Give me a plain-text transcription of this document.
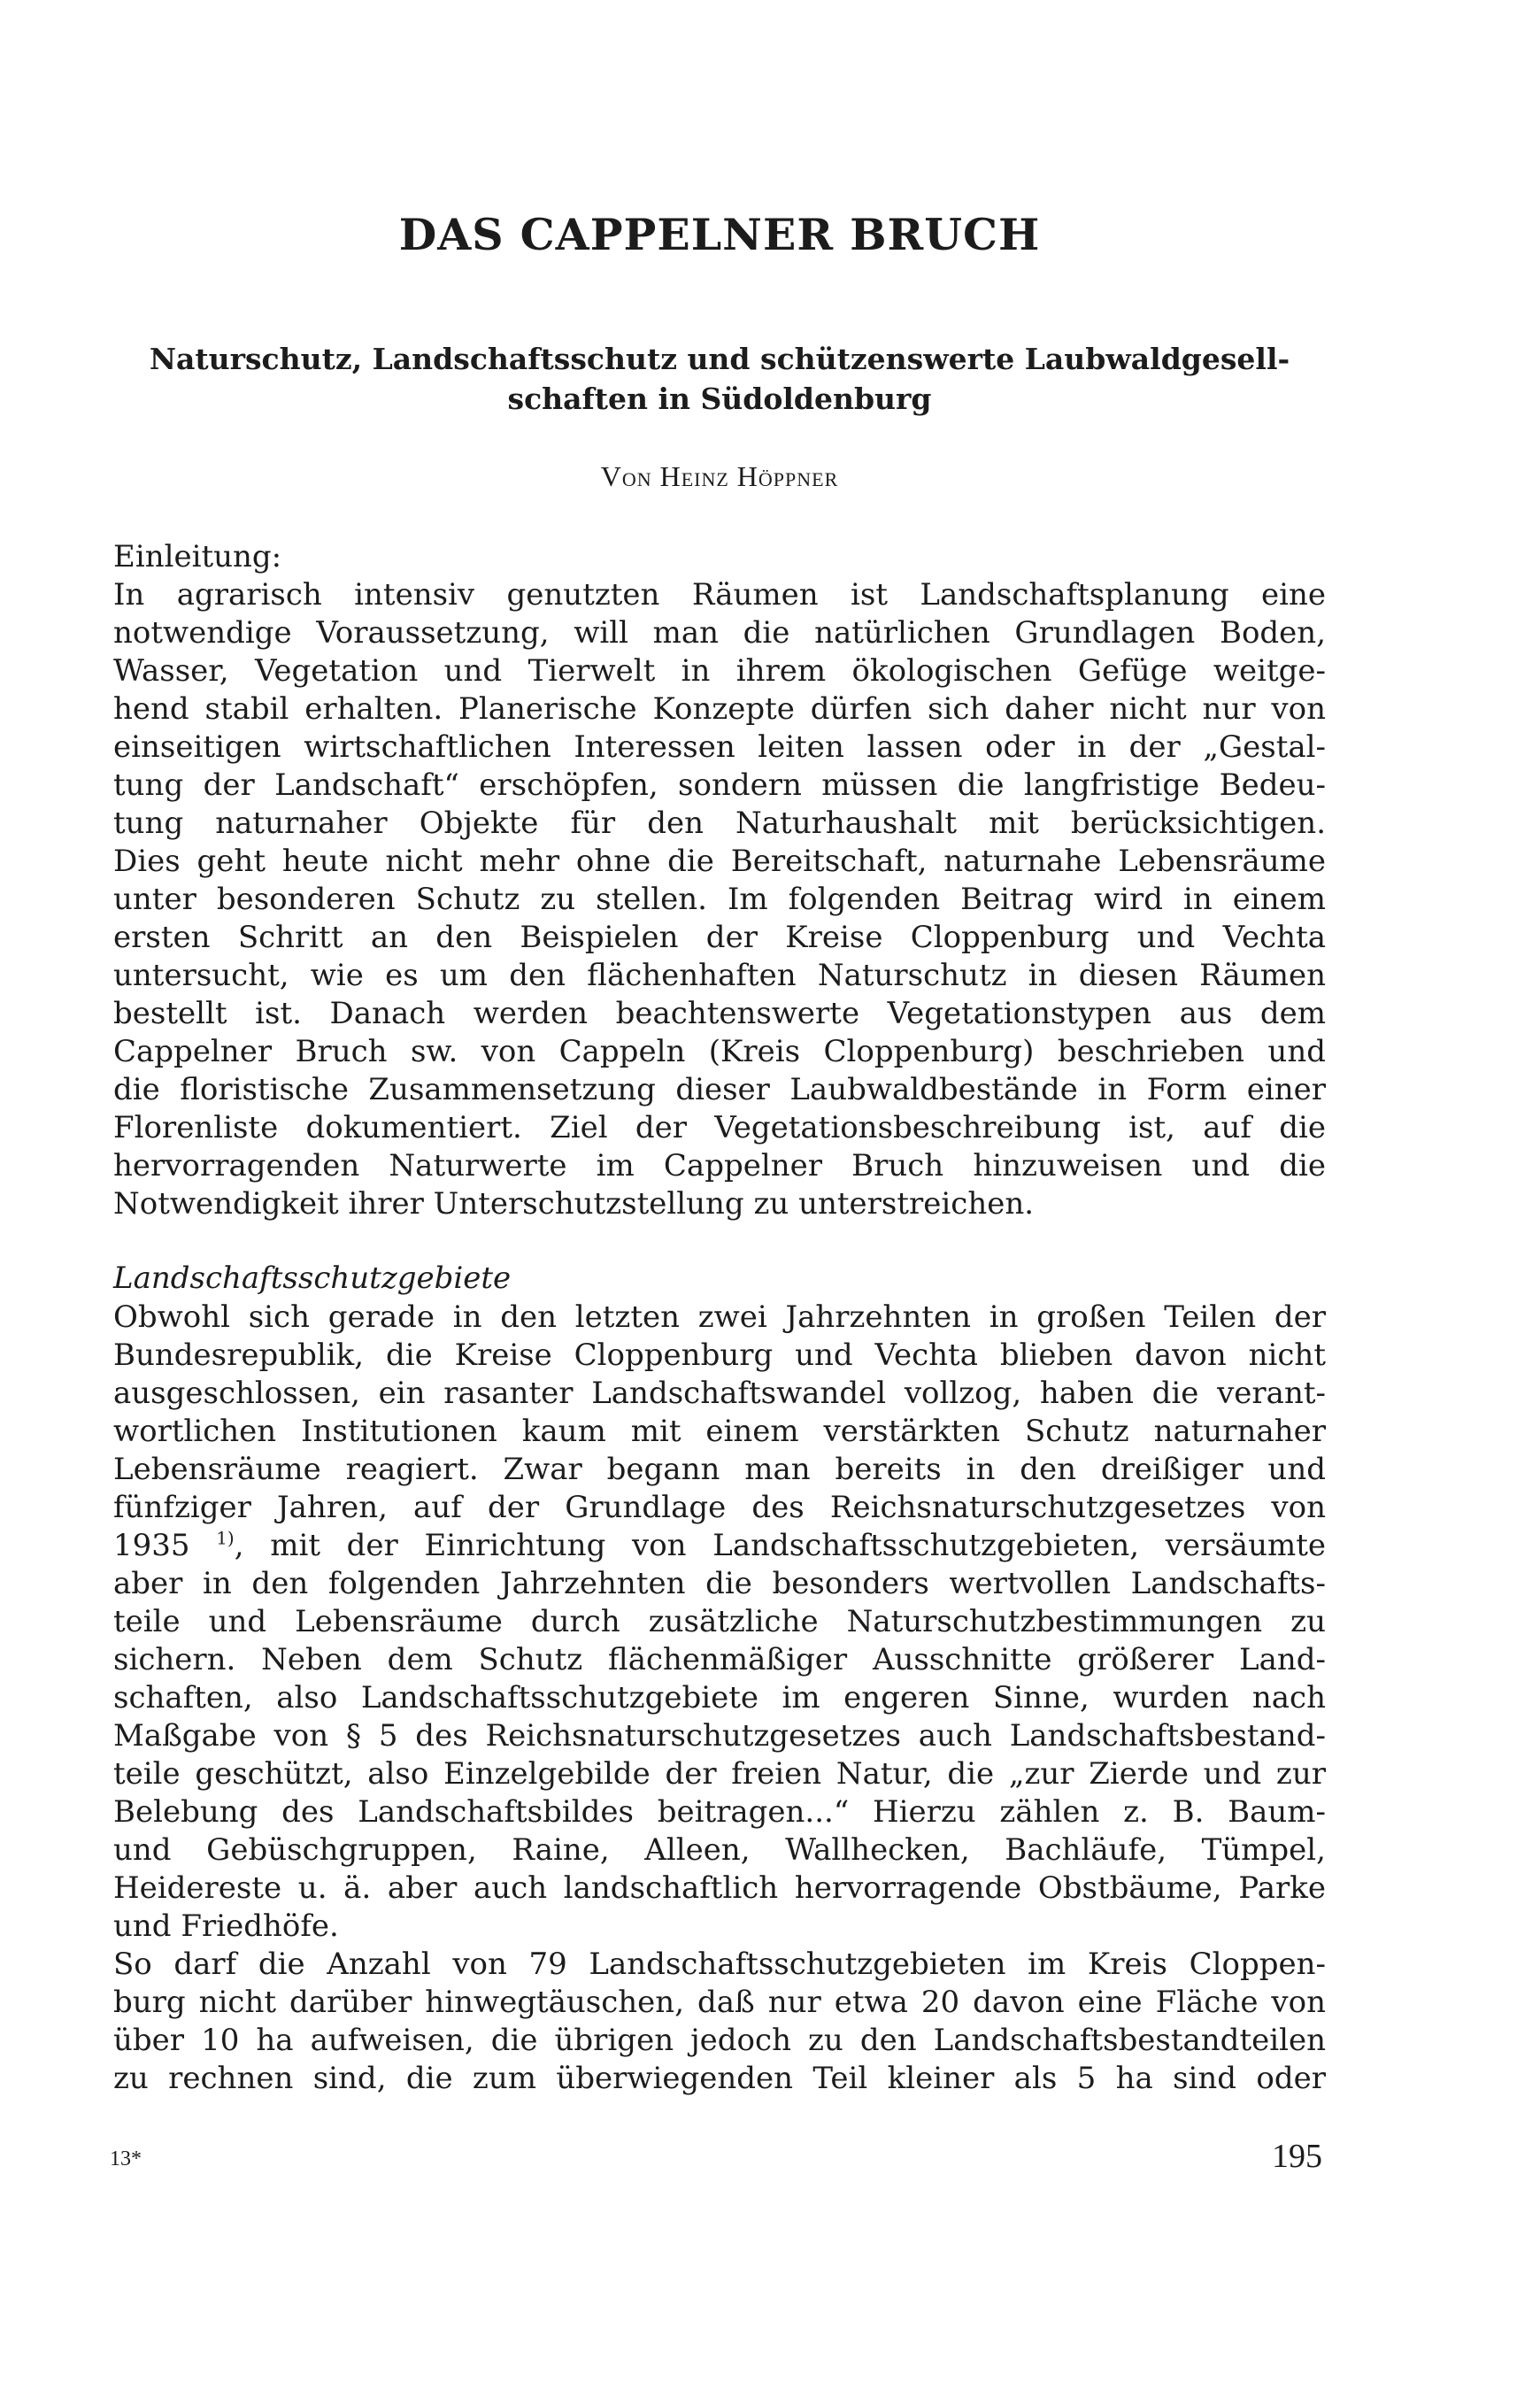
DAS CAPPELNER BRUCH
Naturschutz, Landschaftsschutz und schützenswerte Laubwaldgesell-
schaften in Südoldenburg

Von Heinz Höppner

Einleitung:
In agrarisch intensiv genutzten Räumen ist Landschaftsplanung eine
notwendige Voraussetzung, will man die natürlichen Grundlagen Boden,
Wasser, Vegetation und Tierwelt in ihrem ökologischen Gefüge weitge-
hend stabil erhalten. Planerische Konzepte dürfen sich daher nicht nur von
einseitigen wirtschaftlichen Interessen leiten lassen oder in der „Gestal-
tung der Landschaft“ erschöpfen, sondern müssen die langfristige Bedeu-
tung naturnaher Objekte für den Naturhaushalt mit berücksichtigen.
Dies geht heute nicht mehr ohne die Bereitschaft, naturnahe Lebensräume
unter besonderen Schutz zu stellen. Im folgenden Beitrag wird in einem
ersten Schritt an den Beispielen der Kreise Cloppenburg und Vechta
untersucht, wie es um den flächenhaften Naturschutz in diesen Räumen
bestellt ist. Danach werden beachtenswerte Vegetationstypen aus dem
Cappelner Bruch sw. von Cappeln (Kreis Cloppenburg) beschrieben und
die floristische Zusammensetzung dieser Laubwaldbestände in Form einer
Florenliste dokumentiert. Ziel der Vegetationsbeschreibung ist, auf die
hervorragenden Naturwerte im Cappelner Bruch hinzuweisen und die
Notwendigkeit ihrer Unterschutzstellung zu unterstreichen.

Landschaftsschutzgebiete

Obwohl sich gerade in den letzten zwei Jahrzehnten in großen Teilen der
Bundesrepublik, die Kreise Cloppenburg und Vechta blieben davon nicht
ausgeschlossen, ein rasanter Landschaftswandel vollzog, haben die verant-
wortlichen Institutionen kaum mit einem verstärkten Schutz naturnaher
Lebensräume reagiert. Zwar begann man bereits in den dreißiger und
fünfziger Jahren, auf der Grundlage des Reichsnaturschutzgesetzes von
1935 $^{1)}$, mit der Einrichtung von Landschaftsschutzgebieten, versäumte
aber in den folgenden Jahrzehnten die besonders wertvollen Landschafts-
teile und Lebensräume durch zusätzliche Naturschutzbestimmungen zu
sichern. Neben dem Schutz flächenmäßiger Ausschnitte größerer Land-
schaften, also Landschaftsschutzgebiete im engeren Sinne, wurden nach
Maßgabe von § 5 des Reichsnaturschutzgesetzes auch Landschaftsbestand-
teile geschützt, also Einzelgebilde der freien Natur, die „zur Zierde und zur
Belebung des Landschaftsbildes beitragen...“ Hierzu zählen z. B. Baum-
und Gebüschgruppen, Raine, Alleen, Wallhecken, Bachläufe, Tümpel,
Heidereste u. ä. aber auch landschaftlich hervorragende Obstbäume, Parke
und Friedhöfe.
So darf die Anzahl von 79 Landschaftsschutzgebieten im Kreis Cloppen-
burg nicht darüber hinwegtäuschen, daß nur etwa 20 davon eine Fläche von
über 10 ha aufweisen, die übrigen jedoch zu den Landschaftsbestandteilen
zu rechnen sind, die zum überwiegenden Teil kleiner als 5 ha sind oder
13*	195
